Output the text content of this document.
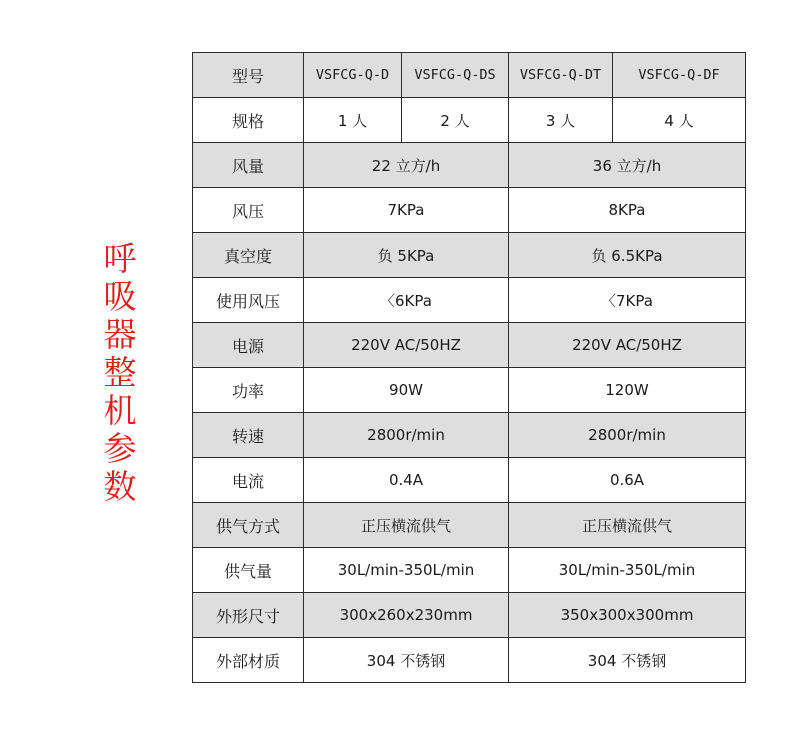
呼
吸
器
整
机
参
数
型号	VSFCG-Q-D	VSFCG-Q-DS	VSFCG-Q-DT	VSFCG-Q-DF
规格	1 人	2 人	3 人	4 人
风量	22 立方/h		36 立方/h	
风压	7KPa		8KPa	
真空度	负 5KPa		负 6.5KPa	
使用风压	〈6KPa		〈7KPa	
电源	220V AC/50HZ		220V AC/50HZ	
功率	90W		120W	
转速	2800r/min		2800r/min	
电流	0.4A		0.6A	
供气方式	正压横流供气		正压横流供气	
供气量	30L/min-350L/min		30L/min-350L/min	
外形尺寸	300x260x230mm		350x300x300mm	
外部材质	304 不锈钢		304 不锈钢	
